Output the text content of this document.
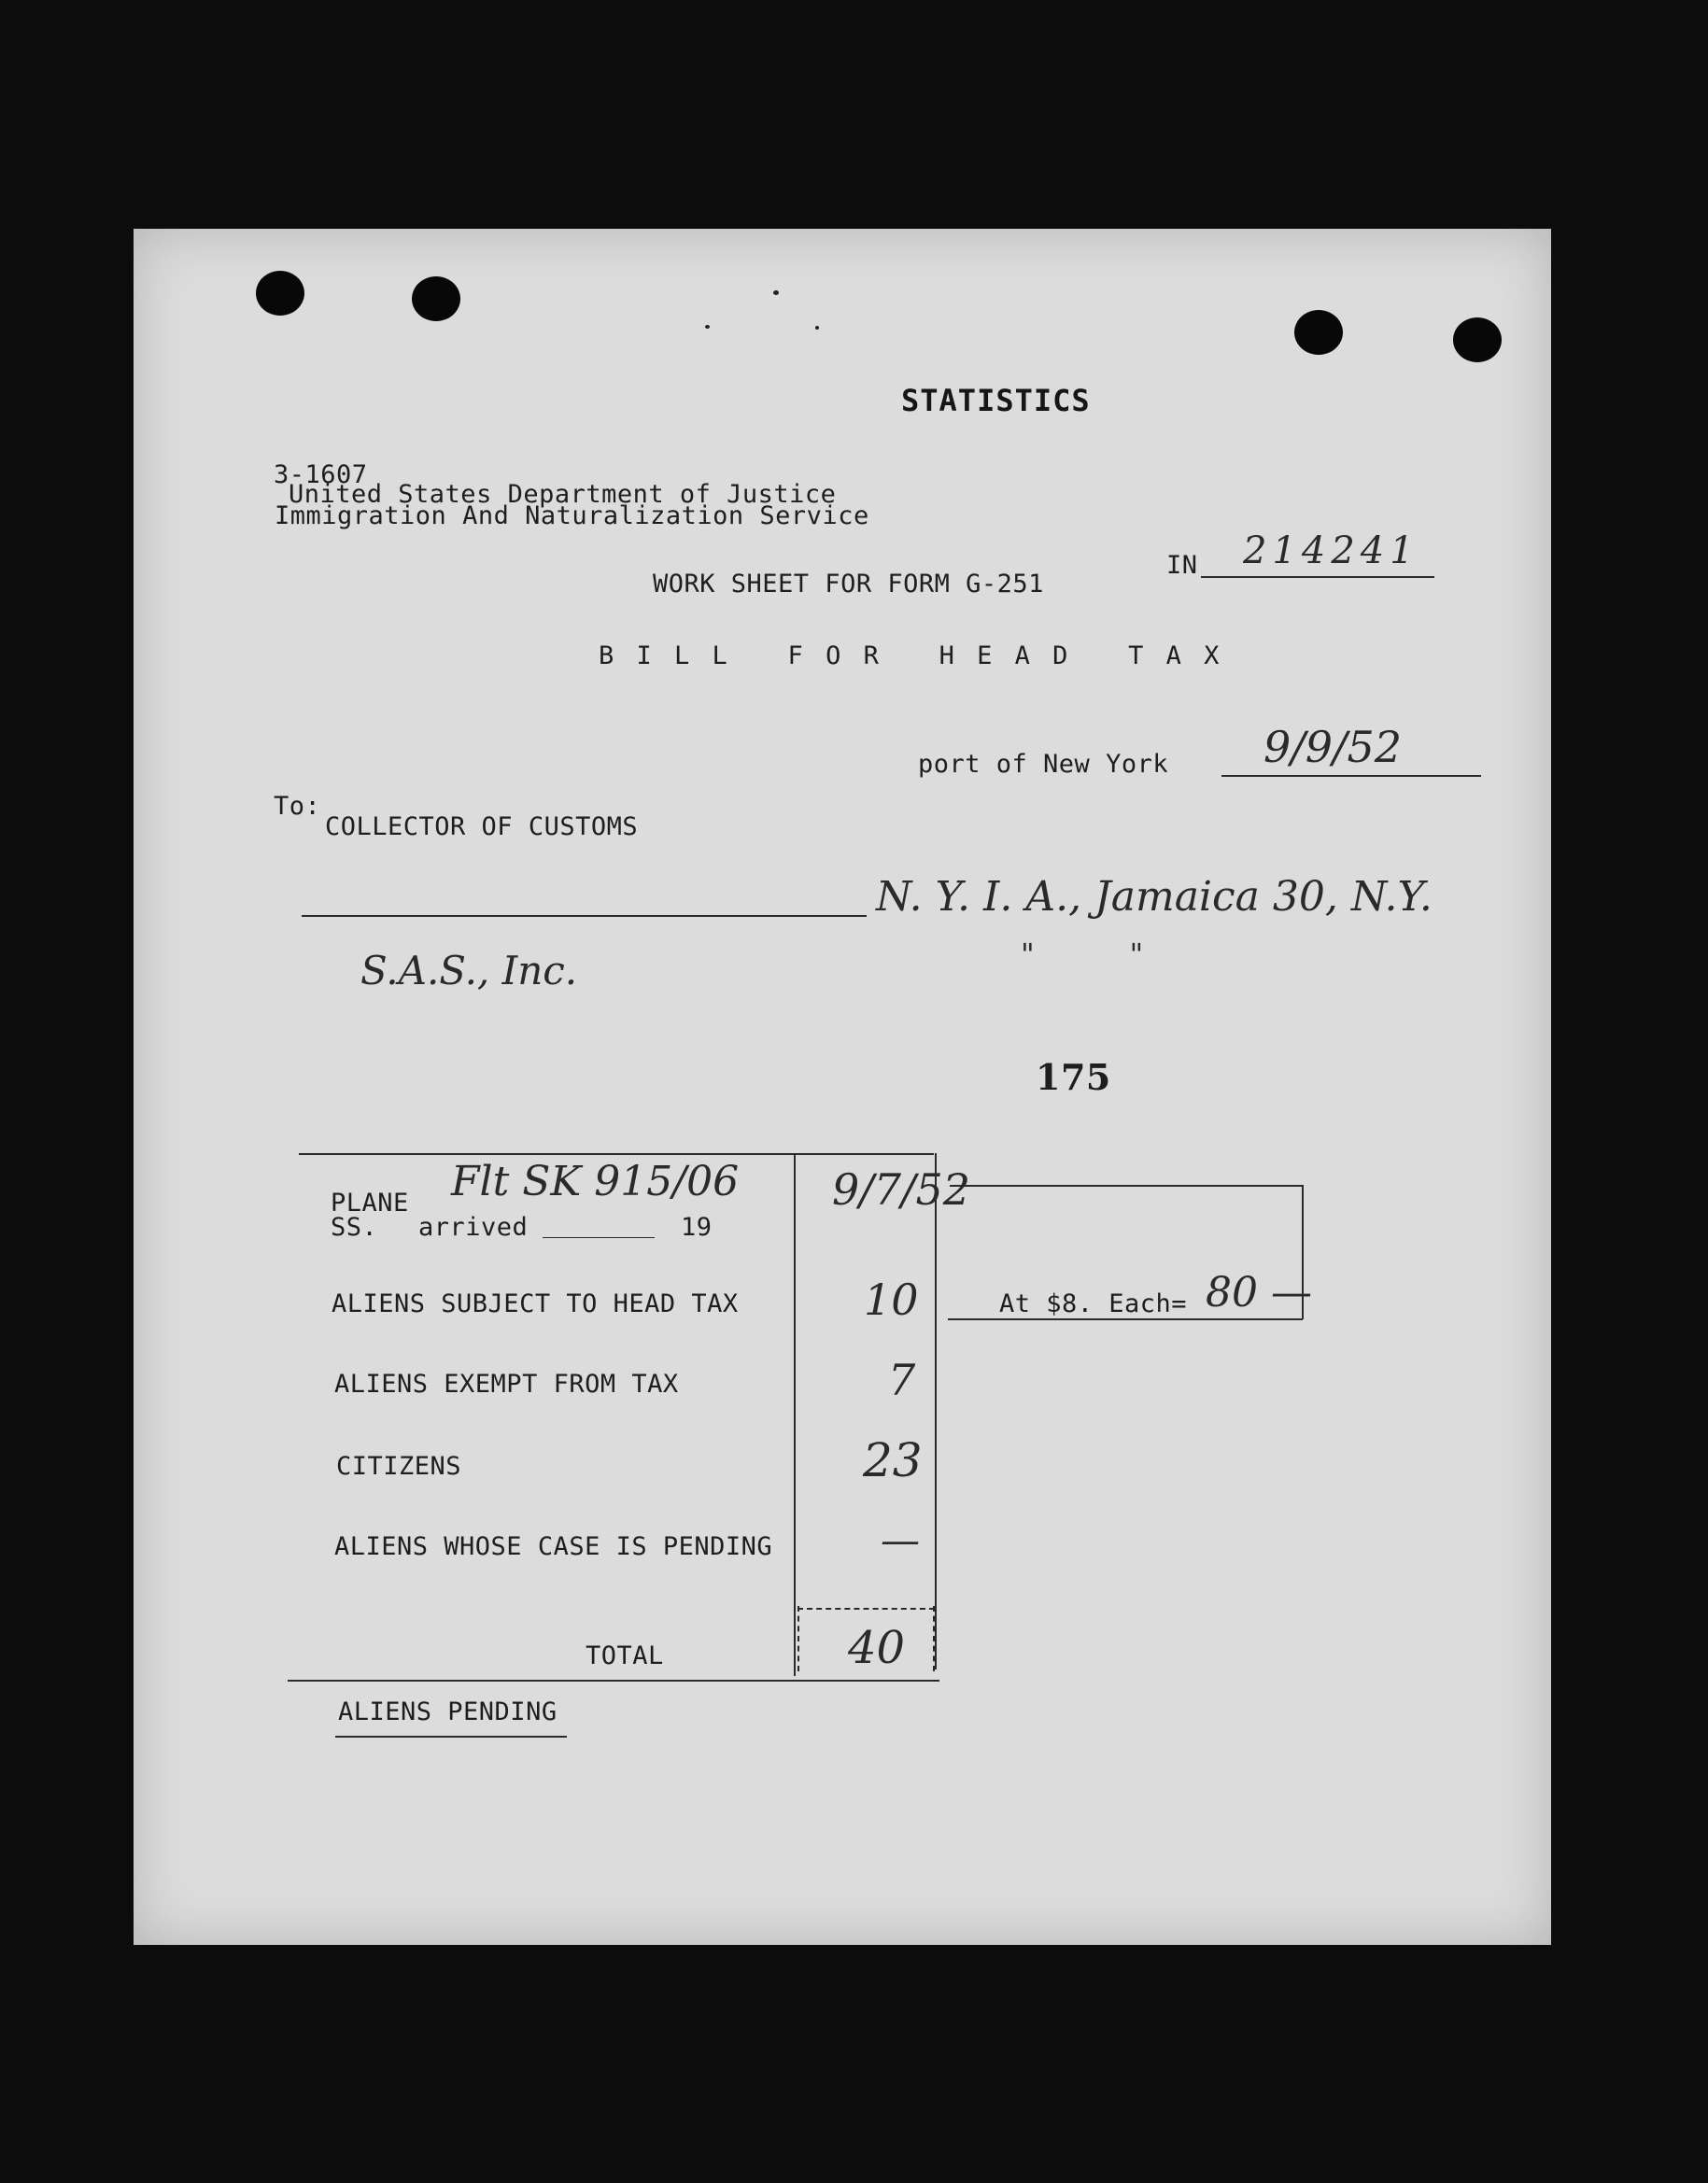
STATISTICS
3-1607
United States Department of Justice
Immigration And Naturalization Service
WORK SHEET FOR FORM G-251
IN 214241
B I L L   F O R   H E A D   T A X
port of New York 9/9/52
To:
COLLECTOR OF CUSTOMS
N. Y. I. A., Jamaica 30, N.Y.
"          "
S.A.S., Inc.
175
PLANE
SS. arrived	19
Flt SK 915/06 9/7/52
ALIENS SUBJECT TO HEAD TAX	10	At $8. Each= 80 —
ALIENS EXEMPT FROM TAX	7
CITIZENS	23
ALIENS WHOSE CASE IS PENDING	—
TOTAL	40
ALIENS PENDING
